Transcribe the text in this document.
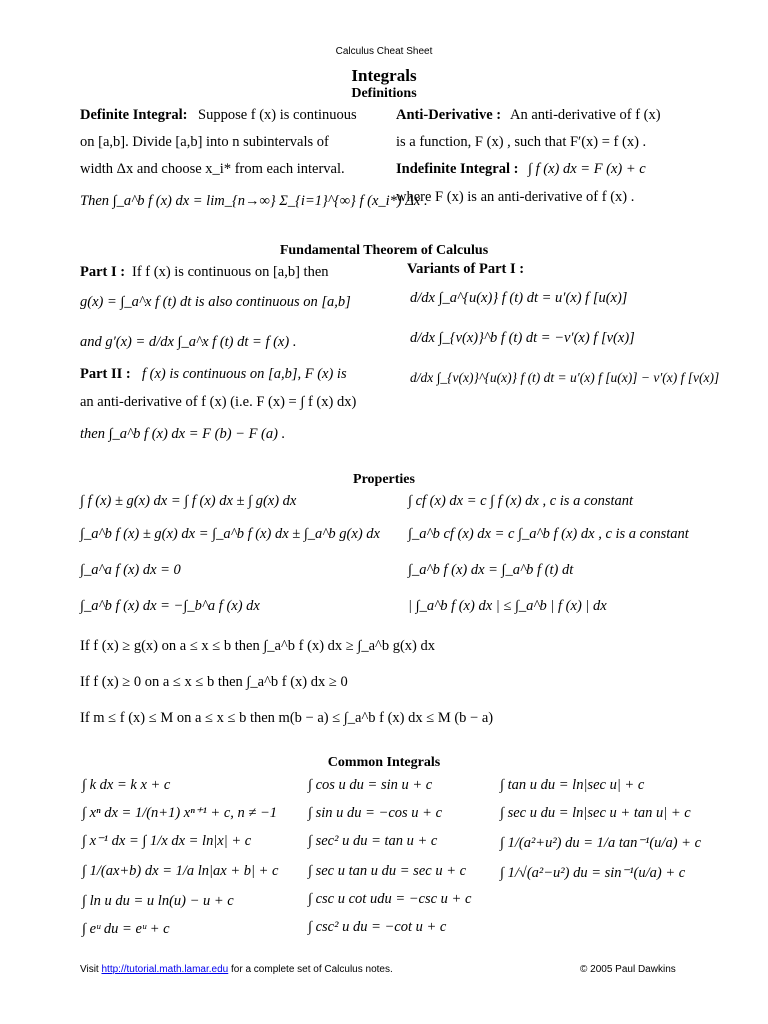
Calculus Cheat Sheet
Integrals
Definitions
Definite Integral: Suppose f (x) is continuous
on [a,b]. Divide [a,b] into n subintervals of
width Δx and choose x_i* from each interval.
Then ∫_a^b f (x) dx = lim_{n→∞} Σ_{i=1}^{∞} f (x_i*) Δx .
Anti-Derivative : An anti-derivative of f (x)
is a function, F (x) , such that F′(x) = f (x) .
Indefinite Integral : ∫ f (x) dx = F (x) + c
where F (x) is an anti-derivative of f (x) .
Fundamental Theorem of Calculus
Part I : If f (x) is continuous on [a,b] then
g(x) = ∫_a^x f (t) dt is also continuous on [a,b]
and g′(x) = d/dx ∫_a^x f (t) dt = f (x) .
Part II : f (x) is continuous on [a,b], F (x) is
an anti-derivative of f (x) (i.e. F (x) = ∫ f (x) dx)
then ∫_a^b f (x) dx = F (b) − F (a) .
Variants of Part I :
d/dx ∫_a^{u(x)} f (t) dt = u′(x) f [u(x)]
d/dx ∫_{v(x)}^b f (t) dt = −v′(x) f [v(x)]
d/dx ∫_{v(x)}^{u(x)} f (t) dt = u′(x) f [u(x)] − v′(x) f [v(x)]
Properties
∫ f (x) ± g(x) dx = ∫ f (x) dx ± ∫ g(x) dx
∫_a^b f (x) ± g(x) dx = ∫_a^b f (x) dx ± ∫_a^b g(x) dx
∫_a^a f (x) dx = 0
∫_a^b f (x) dx = −∫_b^a f (x) dx
∫ cf (x) dx = c ∫ f (x) dx , c is a constant
∫_a^b cf (x) dx = c ∫_a^b f (x) dx , c is a constant
∫_a^b f (x) dx = ∫_a^b f (t) dt
| ∫_a^b f (x) dx | ≤ ∫_a^b | f (x) | dx
If f (x) ≥ g(x) on a ≤ x ≤ b then ∫_a^b f (x) dx ≥ ∫_a^b g(x) dx
If f (x) ≥ 0 on a ≤ x ≤ b then ∫_a^b f (x) dx ≥ 0
If m ≤ f (x) ≤ M on a ≤ x ≤ b then m(b − a) ≤ ∫_a^b f (x) dx ≤ M (b − a)
Common Integrals
∫ k dx = k x + c
∫ xⁿ dx = 1/(n+1) xⁿ⁺¹ + c, n ≠ −1
∫ x⁻¹ dx = ∫ 1/x dx = ln|x| + c
∫ 1/(ax+b) dx = 1/a ln|ax + b| + c
∫ ln u du = u ln(u) − u + c
∫ eᵘ du = eᵘ + c
∫ cos u du = sin u + c
∫ sin u du = −cos u + c
∫ sec² u du = tan u + c
∫ sec u tan u du = sec u + c
∫ csc u cot udu = −csc u + c
∫ csc² u du = −cot u + c
∫ tan u du = ln|sec u| + c
∫ sec u du = ln|sec u + tan u| + c
∫ 1/(a²+u²) du = 1/a tan⁻¹(u/a) + c
∫ 1/√(a²−u²) du = sin⁻¹(u/a) + c
Visit http://tutorial.math.lamar.edu for a complete set of Calculus notes.	© 2005 Paul Dawkins
